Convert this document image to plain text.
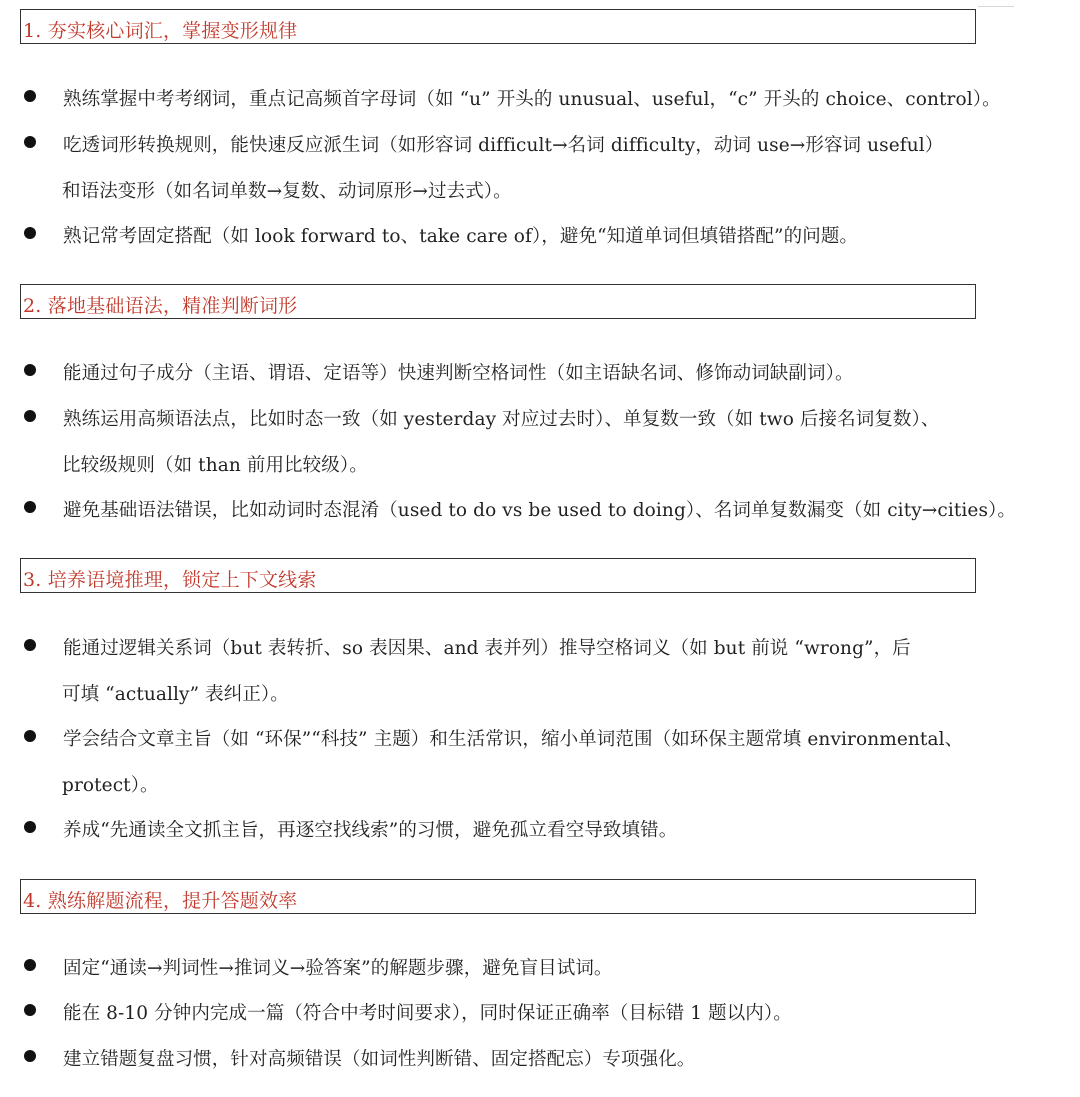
1. 夯实核心词汇，掌握变形规律
熟练掌握中考考纲词，重点记高频首字母词（如 “u” 开头的 unusual、useful，“c” 开头的 choice、control）。
吃透词形转换规则，能快速反应派生词（如形容词 difficult→名词 difficulty，动词 use→形容词 useful）
和语法变形（如名词单数→复数、动词原形→过去式）。
熟记常考固定搭配（如 look forward to、take care of），避免“知道单词但填错搭配”的问题。
2. 落地基础语法，精准判断词形
能通过句子成分（主语、谓语、定语等）快速判断空格词性（如主语缺名词、修饰动词缺副词）。
熟练运用高频语法点，比如时态一致（如 yesterday 对应过去时）、单复数一致（如 two 后接名词复数）、
比较级规则（如 than 前用比较级）。
避免基础语法错误，比如动词时态混淆（used to do vs be used to doing）、名词单复数漏变（如 city→cities）。
3. 培养语境推理，锁定上下文线索
能通过逻辑关系词（but 表转折、so 表因果、and 表并列）推导空格词义（如 but 前说 “wrong”，后
可填 “actually” 表纠正）。
学会结合文章主旨（如 “环保”“科技” 主题）和生活常识，缩小单词范围（如环保主题常填 environmental、
protect）。
养成“先通读全文抓主旨，再逐空找线索”的习惯，避免孤立看空导致填错。
4. 熟练解题流程，提升答题效率
固定“通读→判词性→推词义→验答案”的解题步骤，避免盲目试词。
能在 8-10 分钟内完成一篇（符合中考时间要求），同时保证正确率（目标错 1 题以内）。
建立错题复盘习惯，针对高频错误（如词性判断错、固定搭配忘）专项强化。
